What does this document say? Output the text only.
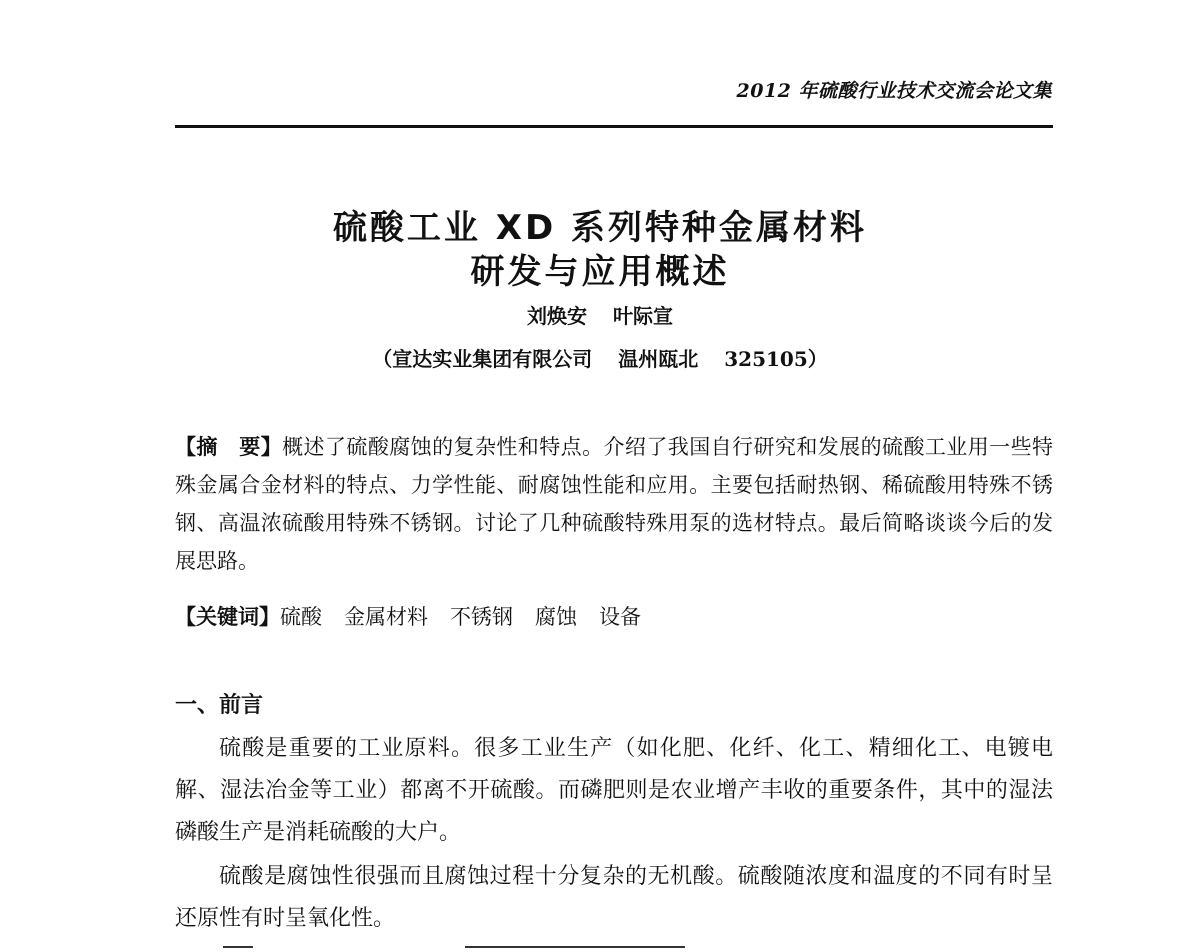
2012 年硫酸行业技术交流会论文集
硫酸工业 XD 系列特种金属材料
研发与应用概述
刘焕安 叶际宣
（宣达实业集团有限公司 温州瓯北 325105）
【摘　要】概述了硫酸腐蚀的复杂性和特点。介绍了我国自行研究和发展的硫酸工业用一些特殊金属合金材料的特点、力学性能、耐腐蚀性能和应用。主要包括耐热钢、稀硫酸用特殊不锈钢、高温浓硫酸用特殊不锈钢。讨论了几种硫酸特殊用泵的选材特点。最后简略谈谈今后的发展思路。
【关键词】硫酸 金属材料 不锈钢 腐蚀 设备
一、前言
硫酸是重要的工业原料。很多工业生产（如化肥、化纤、化工、精细化工、电镀电解、湿法冶金等工业）都离不开硫酸。而磷肥则是农业增产丰收的重要条件，其中的湿法磷酸生产是消耗硫酸的大户。
硫酸是腐蚀性很强而且腐蚀过程十分复杂的无机酸。硫酸随浓度和温度的不同有时呈还原性有时呈氧化性。
